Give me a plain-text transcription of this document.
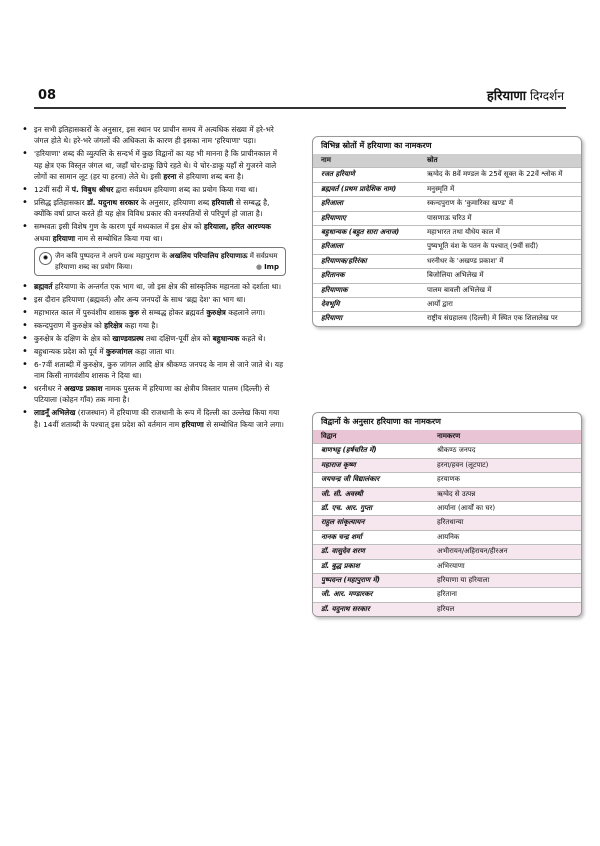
08	हरियाणा दिग्दर्शन
• इन सभी इतिहासकारों के अनुसार, इस स्थान पर प्राचीन समय में अत्यधिक संख्या में हरे-भरे जंगल होते थे। हरे-भरे जंगलों की अधिकता के कारण ही इसका नाम 'हरियाणा' पड़ा।
• 'हरियाणा' शब्द की व्युत्पत्ति के सन्दर्भ में कुछ विद्वानों का यह भी मानना है कि प्राचीनकाल में यह क्षेत्र एक विस्तृत जंगल था, जहाँ चोर-डाकू छिपे रहते थे। ये चोर-डाकू यहाँ से गुजरने वाले लोगों का सामान लूट (हर या हरना) लेते थे। इसी हरना से हरियाणा शब्द बना है।
• 12वीं सदी में पं. विबुध श्रीधर द्वारा सर्वप्रथम हरियाणा शब्द का प्रयोग किया गया था।
• प्रसिद्ध इतिहासकार डॉ. यदुनाथ सरकार के अनुसार, हरियाणा शब्द हरियाली से सम्बद्ध है, क्योंकि वर्षा प्राप्त करते ही यह क्षेत्र विविध प्रकार की वनस्पतियों से परिपूर्ण हो जाता है।
• सम्भवतः इसी विशेष गुण के कारण पूर्व मध्यकाल में इस क्षेत्र को हरियाला, हरित आरण्यक अथवा हरियाणा नाम से सम्बोधित किया गया था।
✹ जैन कवि पुष्पदन्त ने अपने ग्रन्थ महापुराण के अखलिय परिपालिय हरियाणाऊ में सर्वप्रथम हरियाणा शब्द का प्रयोग किया।	● Imp
• ब्रह्मवर्त हरियाणा के अन्तर्गत एक भाग था, जो इस क्षेत्र की सांस्कृतिक महानता को दर्शाता था।
• इस दौरान हरियाणा (ब्रह्मवर्त) और अन्य जनपदों के साथ 'ब्रह्म देश' का भाग था।
• महाभारत काल में पुरुवंशीय शासक कुरु से सम्बद्ध होकर ब्रह्मवर्त कुरुक्षेत्र कहलाने लगा।
• स्कन्दपुराण में कुरुक्षेत्र को हरिक्षेत्र कहा गया है।
• कुरुक्षेत्र के दक्षिण के क्षेत्र को खाण्डवप्रस्थ तथा दक्षिण-पूर्वी क्षेत्र को बहुधान्यक कहते थे।
• बहुधान्यक प्रदेश को पूर्व में कुरुजांगल कहा जाता था।
• 6-7वीं शताब्दी में कुरुक्षेत्र, कुरु जांगल आदि क्षेत्र श्रीकण्ठ जनपद के नाम से जाने जाते थे। यह नाम किसी नागवंशीय शासक ने दिया था।
• धरनीधर ने अखण्ड प्रकाश नामक पुस्तक में हरियाणा का क्षेत्रीय विस्तार पालम (दिल्ली) से पटियाला (कोहन गाँव) तक माना है।
• लाडनूँ अभिलेख (राजस्थान) में हरियाणा की राजधानी के रूप में दिल्ली का उल्लेख किया गया है। 14वीं शताब्दी के पश्चात् इस प्रदेश को वर्तमान नाम हरियाणा से सम्बोधित किया जाने लगा।
विभिन्न स्रोतों में हरियाणा का नामकरण
नाम	स्रोत
रजत हरियाणे	ऋग्वेद के 8वें मण्डल के 25वें सूक्त के 22वें श्लोक में
ब्रह्मवर्त (प्रथम प्रादेशिक नाम)	मनुस्मृति में
हरिआला	स्कन्दपुराण के 'कुमारिका खण्ड' में
हरियाणाए	पासणाऊ चरिउ में
बहुधान्यक (बहुत सारा अनाज)	महाभारत तथा यौधेय काल में
हरिआला	पुष्यभूति वंश के पतन के पश्चात् (9वीं सदी)
हरियाणक/हरिरंका	धरनीधर के 'अखण्ड प्रकाश' में
हरितानक	बिजोलिया अभिलेख में
हरियाणाक	पालम बावली अभिलेख में
देवभूमि	आर्यों द्वारा
हरियाणा	राष्ट्रीय संग्रहालय (दिल्ली) में स्थित एक शिलालेख पर
विद्वानों के अनुसार हरियाणा का नामकरण
विद्वान	नामकरण
बाणभट्ट (हर्षचरित में)	श्रीकण्ठ जनपद
महाराज कृष्ण	हरना/हवन (लूटपाट)
जयचन्द्र जी विद्यालंकार	हरयाणक
जी. सी. अवस्थी	ऋग्वेद से उत्पन्न
डॉ. एच. आर. गुप्ता	आर्याना (आर्यों का घर)
राहुल सांकृत्यायन	हरितधान्या
नानक चन्द्र शर्मा	आयनिक
डॉ. वासुदेव शरण	अभीरायन/अहिरायन/हीरअन
डॉ. बुद्ध प्रकाश	अभिरयाणा
पुष्पदन्त (महापुराण में)	हरियाणा या हरियाला
जी. आर. मण्डारकर	हरिताना
डॉ. यदुनाथ सरकार	हरियल
